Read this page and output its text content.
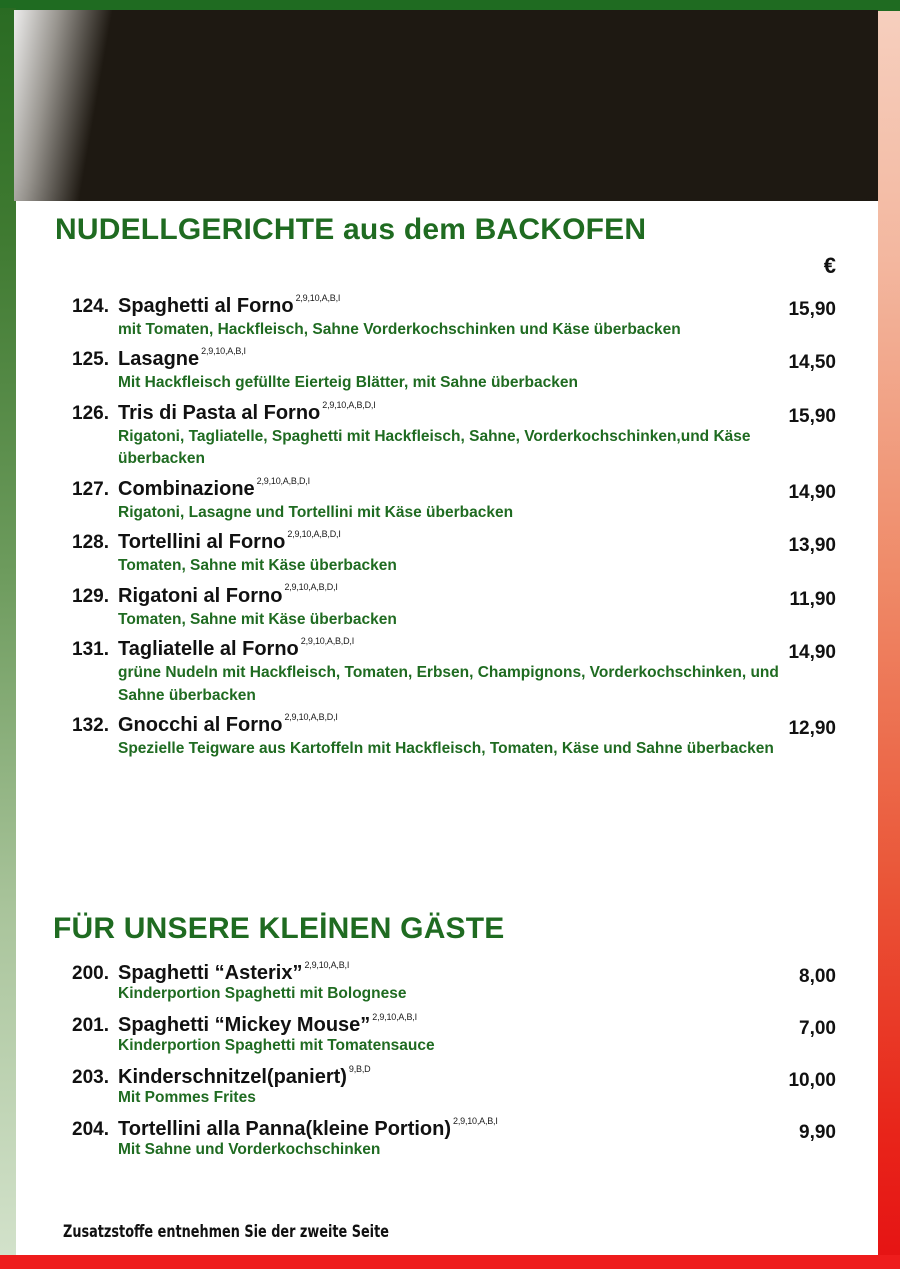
NUDELLGERICHTE aus dem BACKOFEN
€
124. Spaghetti al Forno 2,9,10,A,B,I
15,90
mit Tomaten, Hackfleisch, Sahne Vorderkochschinken und Käse überbacken
125. Lasagne 2,9,10,A,B,I
14,50
Mit Hackfleisch gefüllte Eierteig Blätter, mit Sahne überbacken
126. Tris di Pasta al Forno 2,9,10,A,B,D,I
15,90
Rigatoni, Tagliatelle, Spaghetti mit Hackfleisch, Sahne, Vorderkochschinken,und Käse überbacken
127. Combinazione 2,9,10,A,B,D,I
14,90
Rigatoni, Lasagne und Tortellini mit Käse überbacken
128. Tortellini al Forno 2,9,10,A,B,D,I
13,90
Tomaten, Sahne mit Käse überbacken
129. Rigatoni al Forno 2,9,10,A,B,D,I
11,90
Tomaten, Sahne mit Käse überbacken
131. Tagliatelle al Forno 2,9,10,A,B,D,I
14,90
grüne Nudeln mit Hackfleisch, Tomaten, Erbsen, Champignons, Vorderkochschinken, und Sahne überbacken
132. Gnocchi al Forno 2,9,10,A,B,D,I
12,90
Spezielle Teigware aus Kartoffeln mit Hackfleisch, Tomaten, Käse und Sahne überbacken
FÜR UNSERE KLEİNEN GÄSTE
200. Spaghetti “Asterix” 2,9,10,A,B,I
8,00
Kinderportion Spaghetti mit Bolognese
201. Spaghetti “Mickey Mouse” 2,9,10,A,B,I
7,00
Kinderportion Spaghetti mit Tomatensauce
203. Kinderschnitzel(paniert) 9,B,D
10,00
Mit Pommes Frites
204. Tortellini alla Panna(kleine Portion) 2,9,10,A,B,I
9,90
Mit Sahne und Vorderkochschinken
Zusatzstoffe entnehmen Sie der zweite Seite
